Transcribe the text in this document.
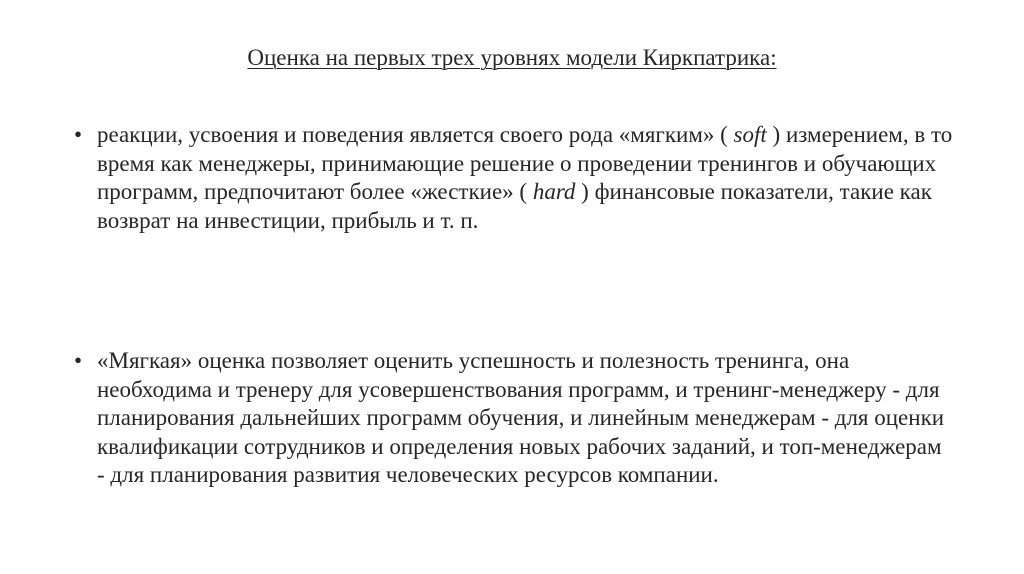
Оценка на первых трех уровнях модели Киркпатрика:
• реакции, усвоения и поведения является своего рода «мягким» ( soft ) измерением, в то время как менеджеры, принимающие решение о проведении тренингов и обучающих программ, предпочитают более «жесткие» ( hard ) финансовые показатели, такие как возврат на инвестиции, прибыль и т. п.
• «Мягкая» оценка позволяет оценить успешность и полезность тренинга, она необходима и тренеру для усовершенствования программ, и тренинг-менеджеру - для планирования дальнейших программ обучения, и линейным менеджерам - для оценки квалификации сотрудников и определения новых рабочих заданий, и топ-менеджерам - для планирования развития человеческих ресурсов компании.
